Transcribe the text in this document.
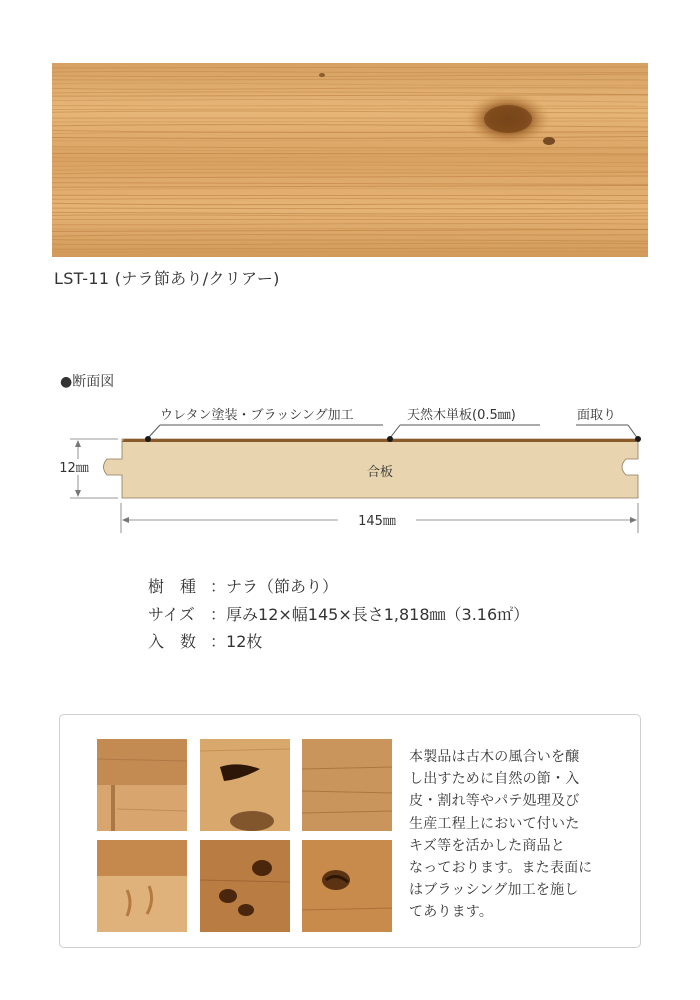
LST-11 (ナラ節あり/クリアー)
●断面図
ウレタン塗装・ブラッシング加工	天然木単板(0.5㎜)	面取り
合板
12㎜
145㎜
樹　種 ：ナラ（節あり）
サイズ ：厚み12×幅145×長さ1,818㎜（3.16㎡）
入　数 ：12枚
本製品は古木の風合いを醸
し出すために自然の節・入
皮・割れ等やパテ処理及び
生産工程上において付いた
キズ等を活かした商品と
なっております。また表面に
はブラッシング加工を施し
てあります。
